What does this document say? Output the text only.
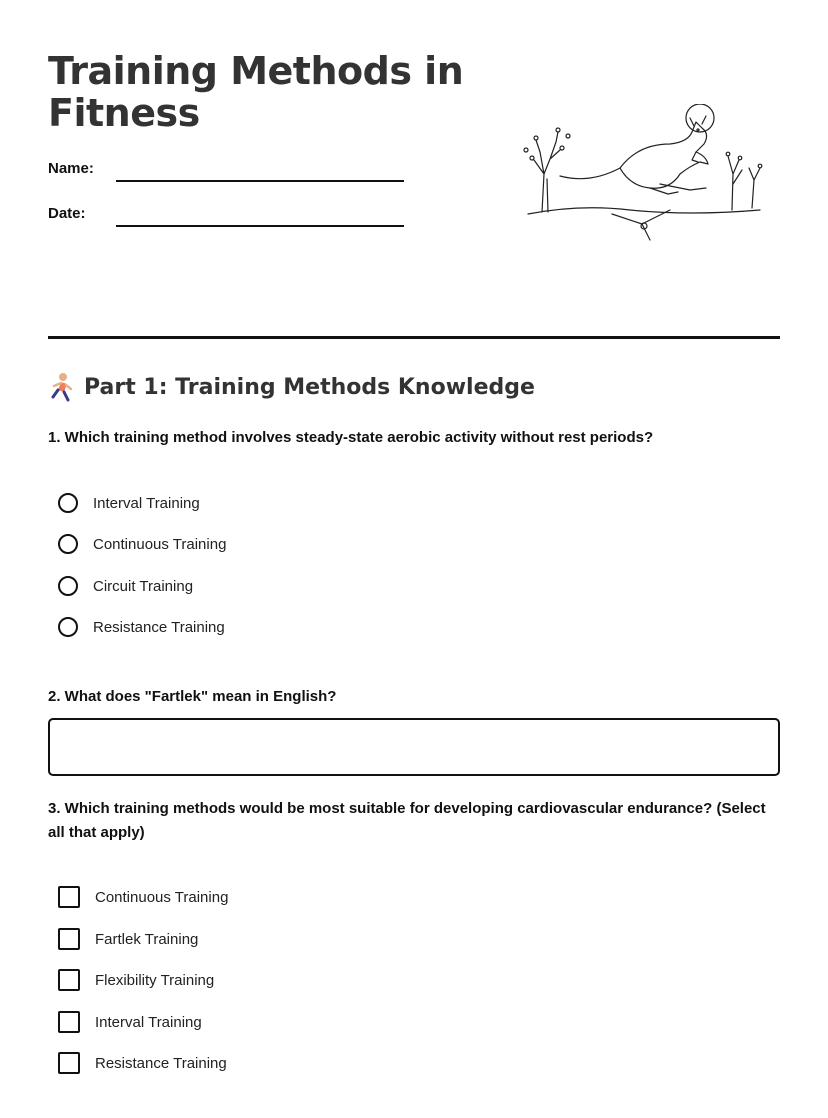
Training Methods in Fitness
Name:
Date:
Part 1: Training Methods Knowledge

1. Which training method involves steady-state aerobic activity without rest periods?

Interval Training
Continuous Training
Circuit Training
Resistance Training

2. What does "Fartlek" mean in English?

3. Which training methods would be most suitable for developing cardiovascular endurance? (Select all that apply)

Continuous Training
Fartlek Training
Flexibility Training
Interval Training
Resistance Training
